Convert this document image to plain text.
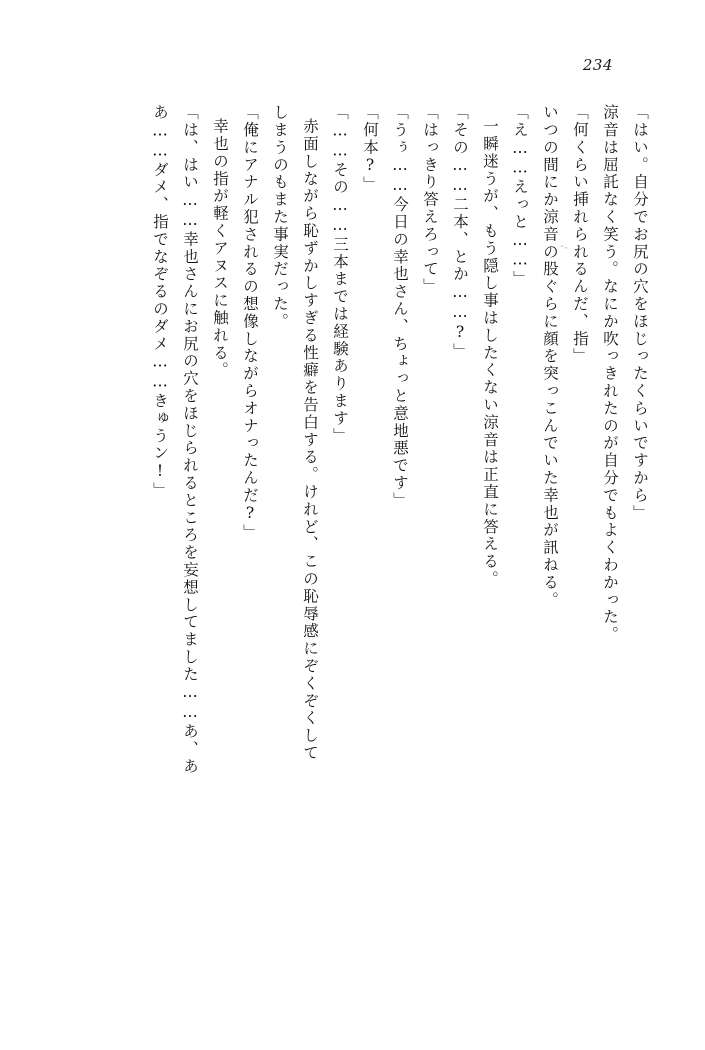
234
「はい。自分でお尻の穴をほじったくらいですから」
涼音は屈託なく笑う。なにか吹っきれたのが自分でもよくわかった。
「何くらい挿れられるんだ、指」
いつの間にか涼音の股ぐらに顔を突っこんでいた幸也が訊ねる。
「え……えっと……」
一瞬迷うが、もう隠し事はしたくない涼音は正直に答える。
「その……二本、とか……?」
「はっきり答えろって」
「うぅ……今日の幸也さん、ちょっと意地悪です」
「何本?」
「……その……三本までは経験あります」
赤面しながら恥ずかしすぎる性癖を告白する。けれど、この恥辱感にぞくぞくして
しまうのもまた事実だった。
「俺にアナル犯されるの想像しながらオナったんだ?」
幸也の指が軽くアヌスに触れる。
「は、はい……幸也さんにお尻の穴をほじられるところを妄想してました……あ、あ
あ……ダメ、指でなぞるのダメ……きゅうン!」
